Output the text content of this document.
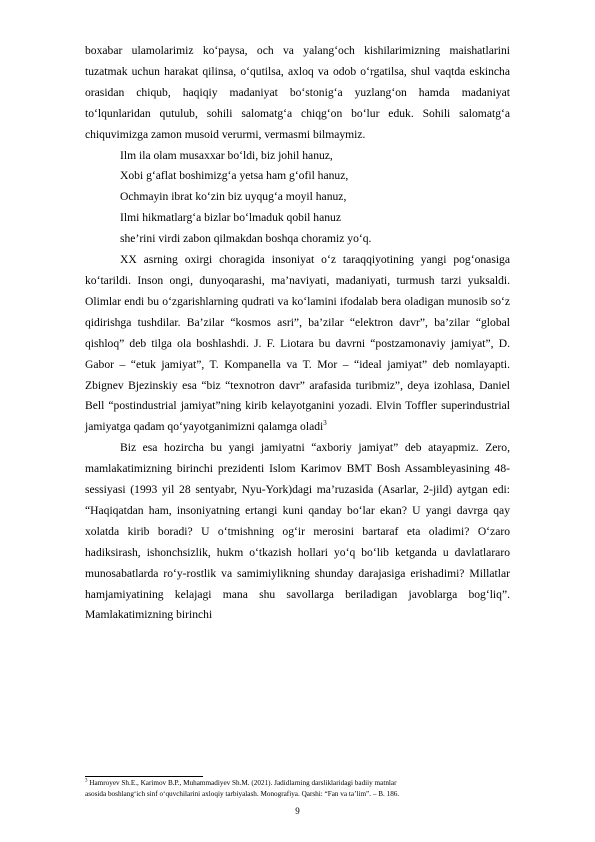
boxabar ulamolarimiz ko‘paysa, och va yalang‘och kishilarimizning maishatlarini tuzatmak uchun harakat qilinsa, o‘qutilsa, axloq va odob o‘rgatilsa, shul vaqtda eskincha orasidan chiqub, haqiqiy madaniyat bo‘stonig‘a yuzlang‘on hamda madaniyat to‘lqunlaridan qutulub, sohili salomatg‘a chiqg‘on bo‘lur eduk. Sohili salomatg‘a chiquvimizga zamon musoid verurmi, vermasmi bilmaymiz.

Ilm ila olam musaxxar bo‘ldi, biz johil hanuz,

Xobi g‘aflat boshimizg‘a yetsa ham g‘ofil hanuz,

Ochmayin ibrat ko‘zin biz uyqug‘a moyil hanuz,

Ilmi hikmatlarg‘a bizlar bo‘lmaduk qobil hanuz

she’rini virdi zabon qilmakdan boshqa choramiz yo‘q.

XX asrning oxirgi choragida insoniyat o‘z taraqqiyotining yangi pog‘onasiga ko‘tarildi. Inson ongi, dunyoqarashi, ma’naviyati, madaniyati, turmush tarzi yuksaldi. Olimlar endi bu o‘zgarishlarning qudrati va ko‘lamini ifodalab bera oladigan munosib so‘z qidirishga tushdilar. Ba’zilar “kosmos asri”, ba’zilar “elektron davr”, ba’zilar “global qishloq” deb tilga ola boshlashdi. J. F. Liotara bu davrni “postzamonaviy jamiyat”, D. Gabor – “etuk jamiyat”, T. Kompanella va T. Mor – “ideal jamiyat” deb nomlayapti. Zbignev Bjezinskiy esa “biz “texnotron davr” arafasida turibmiz”, deya izohlasa, Daniel Bell “postindustrial jamiyat”ning kirib kelayotganini yozadi. Elvin Toffler superindustrial jamiyatga qadam qo‘yayotganimizni qalamga oladi$^3$

Biz esa hozircha bu yangi jamiyatni “axboriy jamiyat” deb atayapmiz. Zero, mamlakatimizning birinchi prezidenti Islom Karimov BMT Bosh Assambleyasining 48-sessiyasi (1993 yil 28 sentyabr, Nyu-York)dagi ma’ruzasida (Asarlar, 2-jild) aytgan edi: “Haqiqatdan ham, insoniyatning ertangi kuni qanday bo‘lar ekan? U yangi davrga qay xolatda kirib boradi? U o‘tmishning og‘ir merosini bartaraf eta oladimi? O‘zaro hadiksirash, ishonchsizlik, hukm o‘tkazish hollari yo‘q bo‘lib ketganda u davlatlararo munosabatlarda ro‘y-rostlik va samimiylikning shunday darajasiga erishadimi? Millatlar hamjamiyatining kelajagi mana shu savollarga beriladigan javoblarga bog‘liq”. Mamlakatimizning birinchi

$^3$ Hamroyev Sh.E., Karimov B.P., Muhammadiyev Sh.M. (2021). Jadidlarning darsliklaridagi badiiy matnlar
asosida boshlang‘ich sinf o‘quvchilarini axloqiy tarbiyalash. Monografiya. Qarshi: “Fan va ta’lim”. – B. 186.

9
